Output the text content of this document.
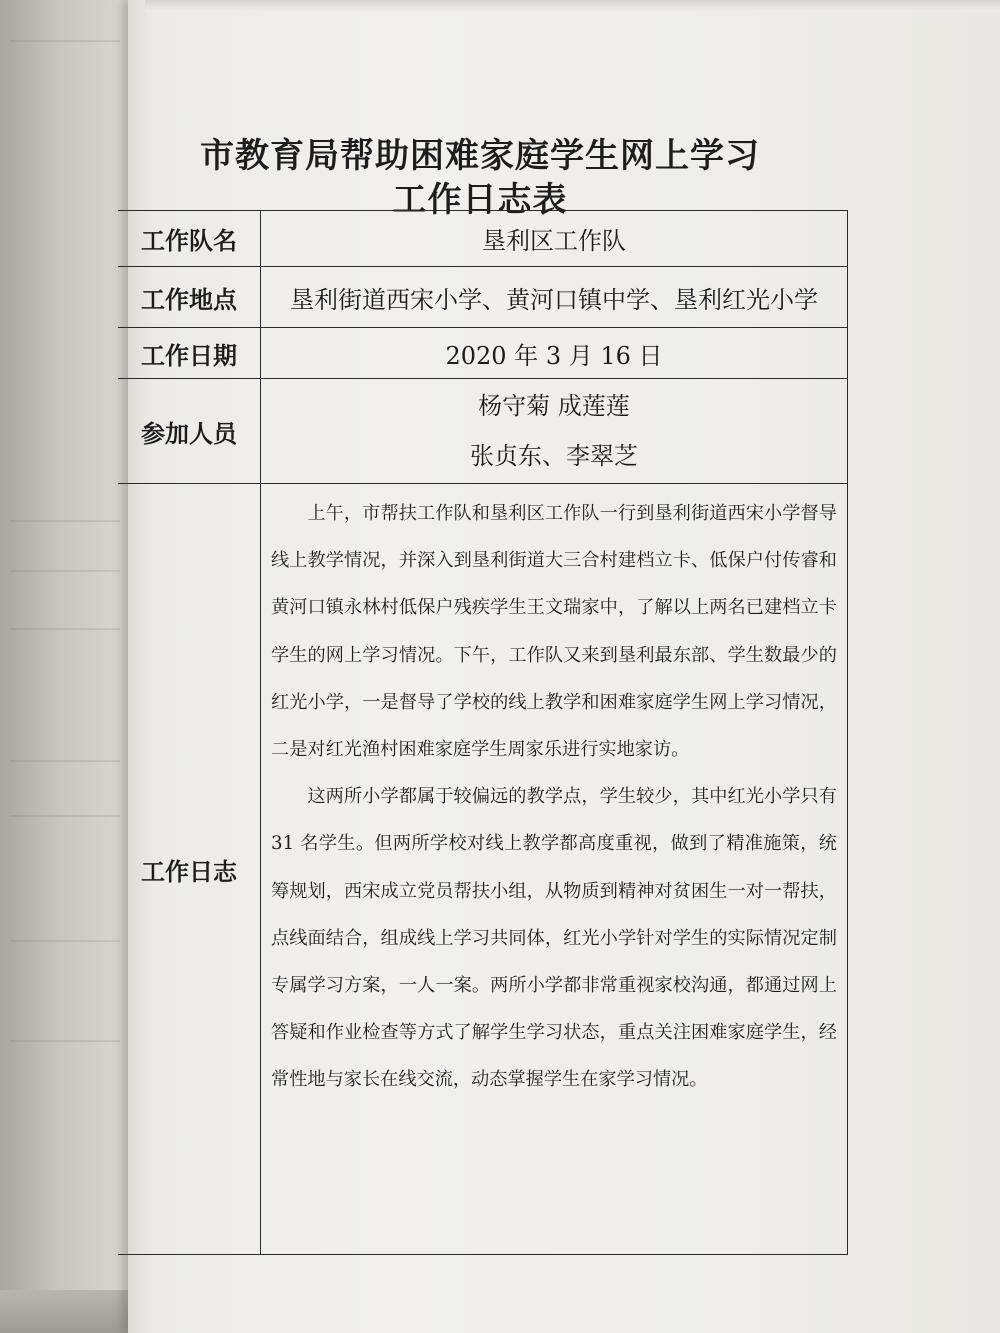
市教育局帮助困难家庭学生网上学习
工作日志表
工作队名	垦利区工作队
工作地点	垦利街道西宋小学、黄河口镇中学、垦利红光小学
工作日期	2020 年 3 月 16 日
参加人员	杨守菊 成莲莲
张贞东、李翠芝

工作日志	上午，市帮扶工作队和垦利区工作队一行到垦利街道西宋小学督导线上教学情况，并深入到垦利街道大三合村建档立卡、低保户付传睿和黄河口镇永林村低保户残疾学生王文瑞家中，了解以上两名已建档立卡学生的网上学习情况。下午，工作队又来到垦利最东部、学生数最少的红光小学，一是督导了学校的线上教学和困难家庭学生网上学习情况，二是对红光渔村困难家庭学生周家乐进行实地家访。

这两所小学都属于较偏远的教学点，学生较少，其中红光小学只有 31 名学生。但两所学校对线上教学都高度重视，做到了精准施策，统筹规划，西宋成立党员帮扶小组，从物质到精神对贫困生一对一帮扶，点线面结合，组成线上学习共同体，红光小学针对学生的实际情况定制专属学习方案，一人一案。两所小学都非常重视家校沟通，都通过网上答疑和作业检查等方式了解学生学习状态，重点关注困难家庭学生，经常性地与家长在线交流，动态掌握学生在家学习情况。
